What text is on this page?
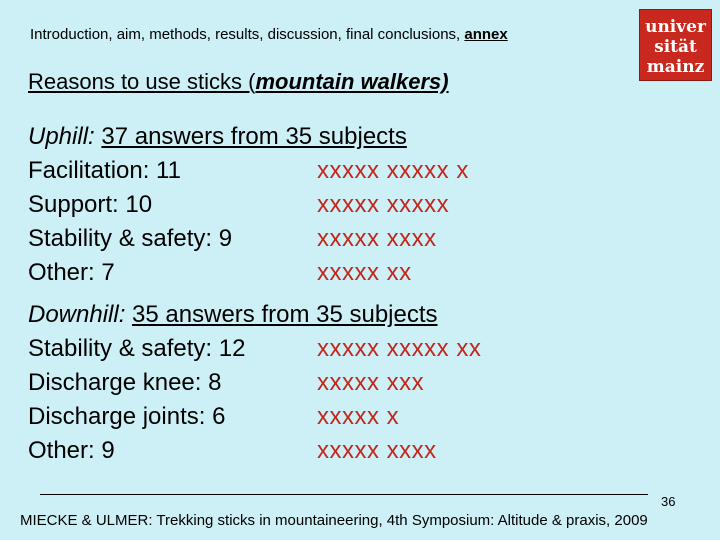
Introduction, aim, methods, results, discussion, final conclusions, annex	univer
sität
mainz
Reasons to use sticks (mountain walkers)
Uphill: 37 answers from 35 subjects
Facilitation: 11	xxxxx xxxxx x
Support: 10	xxxxx xxxxx
Stability & safety: 9	xxxxx xxxx
Other: 7	xxxxx xx
Downhill: 35 answers from 35 subjects
Stability & safety: 12	xxxxx xxxxx xx
Discharge knee: 8	xxxxx xxx
Discharge joints: 6	xxxxx x
Other: 9	xxxxx xxxx
36
MIECKE & ULMER: Trekking sticks in mountaineering, 4th Symposium: Altitude & praxis, 2009
